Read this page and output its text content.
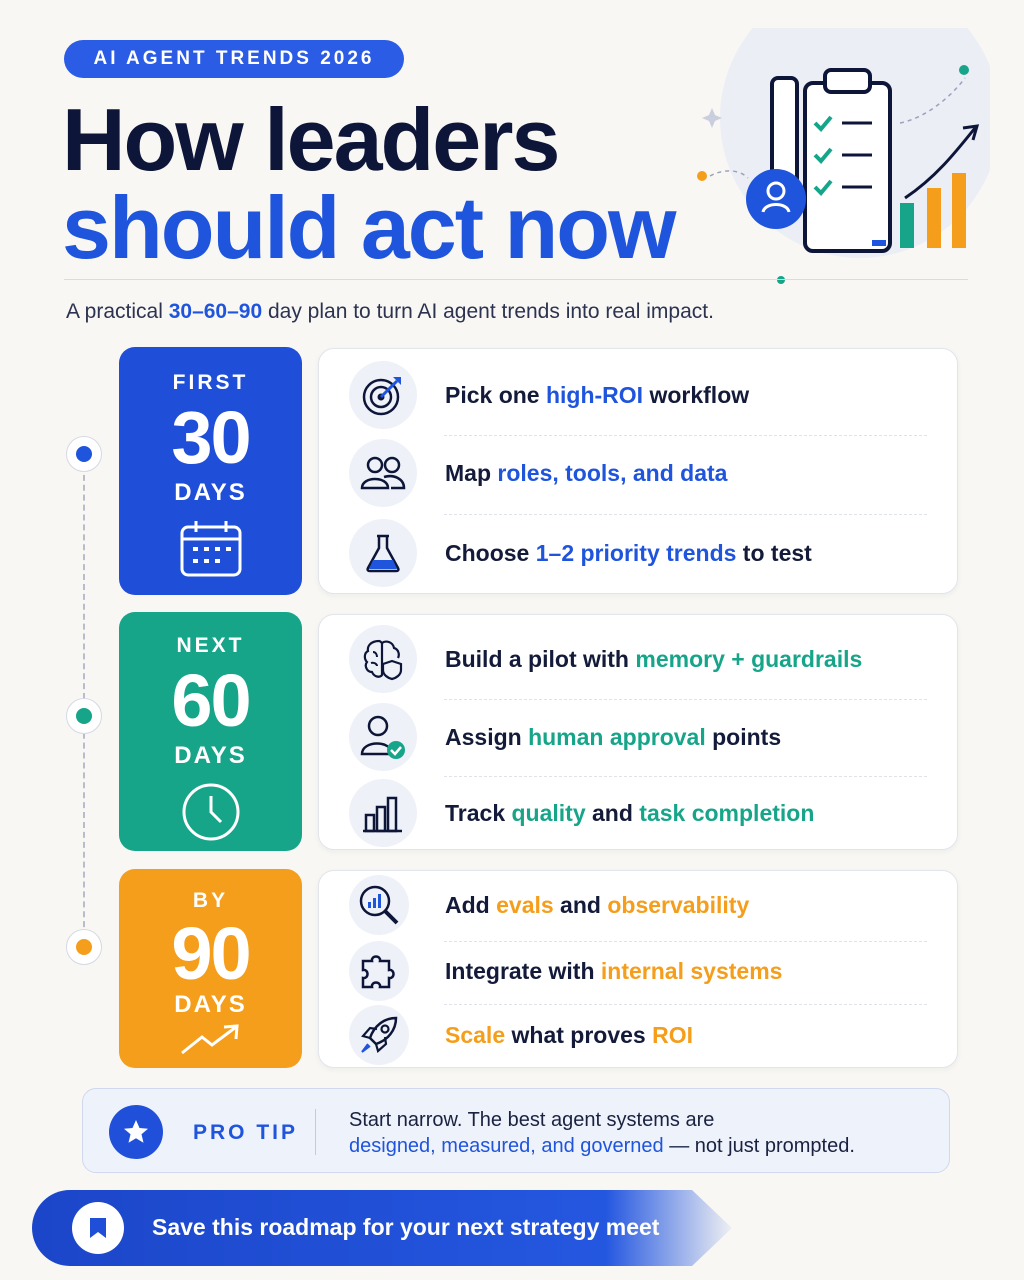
AI AGENT TRENDS 2026
How leaders
should act now
A practical 30–60–90 day plan to turn AI agent trends into real impact.
FIRST
30
DAYS
NEXT
60
DAYS
BY
90
DAYS
Pick one high-ROI workflow
Map roles, tools, and data
Choose 1–2 priority trends to test
Build a pilot with memory + guardrails
Assign human approval points
Track quality and task completion
Add evals and observability
Integrate with internal systems
Scale what proves ROI
PRO TIP
Start narrow. The best agent systems are
designed, measured, and governed — not just prompted.
Save this roadmap for your next strategy meet
